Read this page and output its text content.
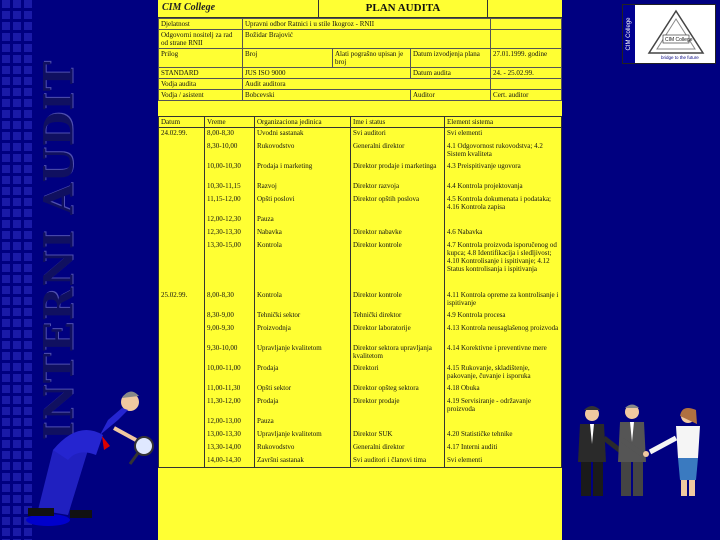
INTERNI AUDIT
CIM College	PLAN AUDITA
Djelatnost	Upravni odbor Ratnici i u stile Ikogroz - RNII			
Odgovorni nositelj za rad od strane RNII	Božidar Brajović			
Prilog	Broj	Alati pograšno upisan je broj	Datum izvodjenja plana	27.01.1999. godine
STANDARD	JUS ISO 9000		Datum audita	24. - 25.02.99.
Vodja audita	Audit auditora			
Vodja / asistent	Bobcevski		Auditor	Cert. auditor
Datum	Vreme	Organizaciona jedinica	Ime i status	Element sistema
24.02.99.	8,00-8,30	Uvodni sastanak	Svi auditori	Svi elementi
	8,30-10,00	Rukovodstvo	Generalni direktor	4.1 Odgovornost rukovodstva; 4.2 Sistem kvaliteta
	10,00-10,30	Prodaja i marketing	Direktor prodaje i marketinga	4.3 Preispitivanje ugovora
	10,30-11,15	Razvoj	Direktor razvoja	4.4 Kontrola projektovanja
	11,15-12,00	Opšti poslovi	Direktor opštih poslova	4.5 Kontrola dokumenata i podataka; 4.16 Kontrola zapisa
	12,00-12,30	Pauza		
	12,30-13,30	Nabavka	Direktor nabavke	4.6 Nabavka
	13,30-15,00	Kontrola	Direktor kontrole	4.7 Kontrola proizvoda isporučenog od kupca; 4.8 Identifikacija i sledljivost; 4.10 Kontrolisanje i ispitivanje; 4.12 Status kontrolisanja i ispitivanja
25.02.99.	8,00-8,30	Kontrola	Direktor kontrole	4.11 Kontrola opreme za kontrolisanje i ispitivanje
	8,30-9,00	Tehnički sektor	Tehnički direktor	4.9 Kontrola procesa
	9,00-9,30	Proizvodnja	Direktor laboratorije	4.13 Kontrola neusaglašenog proizvoda
	9,30-10,00	Upravljanje kvalitetom	Direktor sektora upravljanja kvalitetom	4.14 Korektivne i preventivne mere
	10,00-11,00	Prodaja	Direktori	4.15 Rukovanje, skladištenje, pakovanje, čuvanje i isporuka
	11,00-11,30	Opšti sektor	Direktor opšteg sektora	4.18 Obuka
	11,30-12,00	Prodaja	Direktor prodaje	4.19 Servisiranje - održavanje proizvoda
	12,00-13,00	Pauza		
	13,00-13,30	Upravljanje kvalitetom	Direktor SUK	4.20 Statističke tehnike
	13,30-14,00	Rukovodstvo	Generalni direktor	4.17 Interni auditi
	14,00-14,30	Završni sastanak	Svi auditori i članovi tima	Svi elementi
CIM College	CIM College
bridge to the future
